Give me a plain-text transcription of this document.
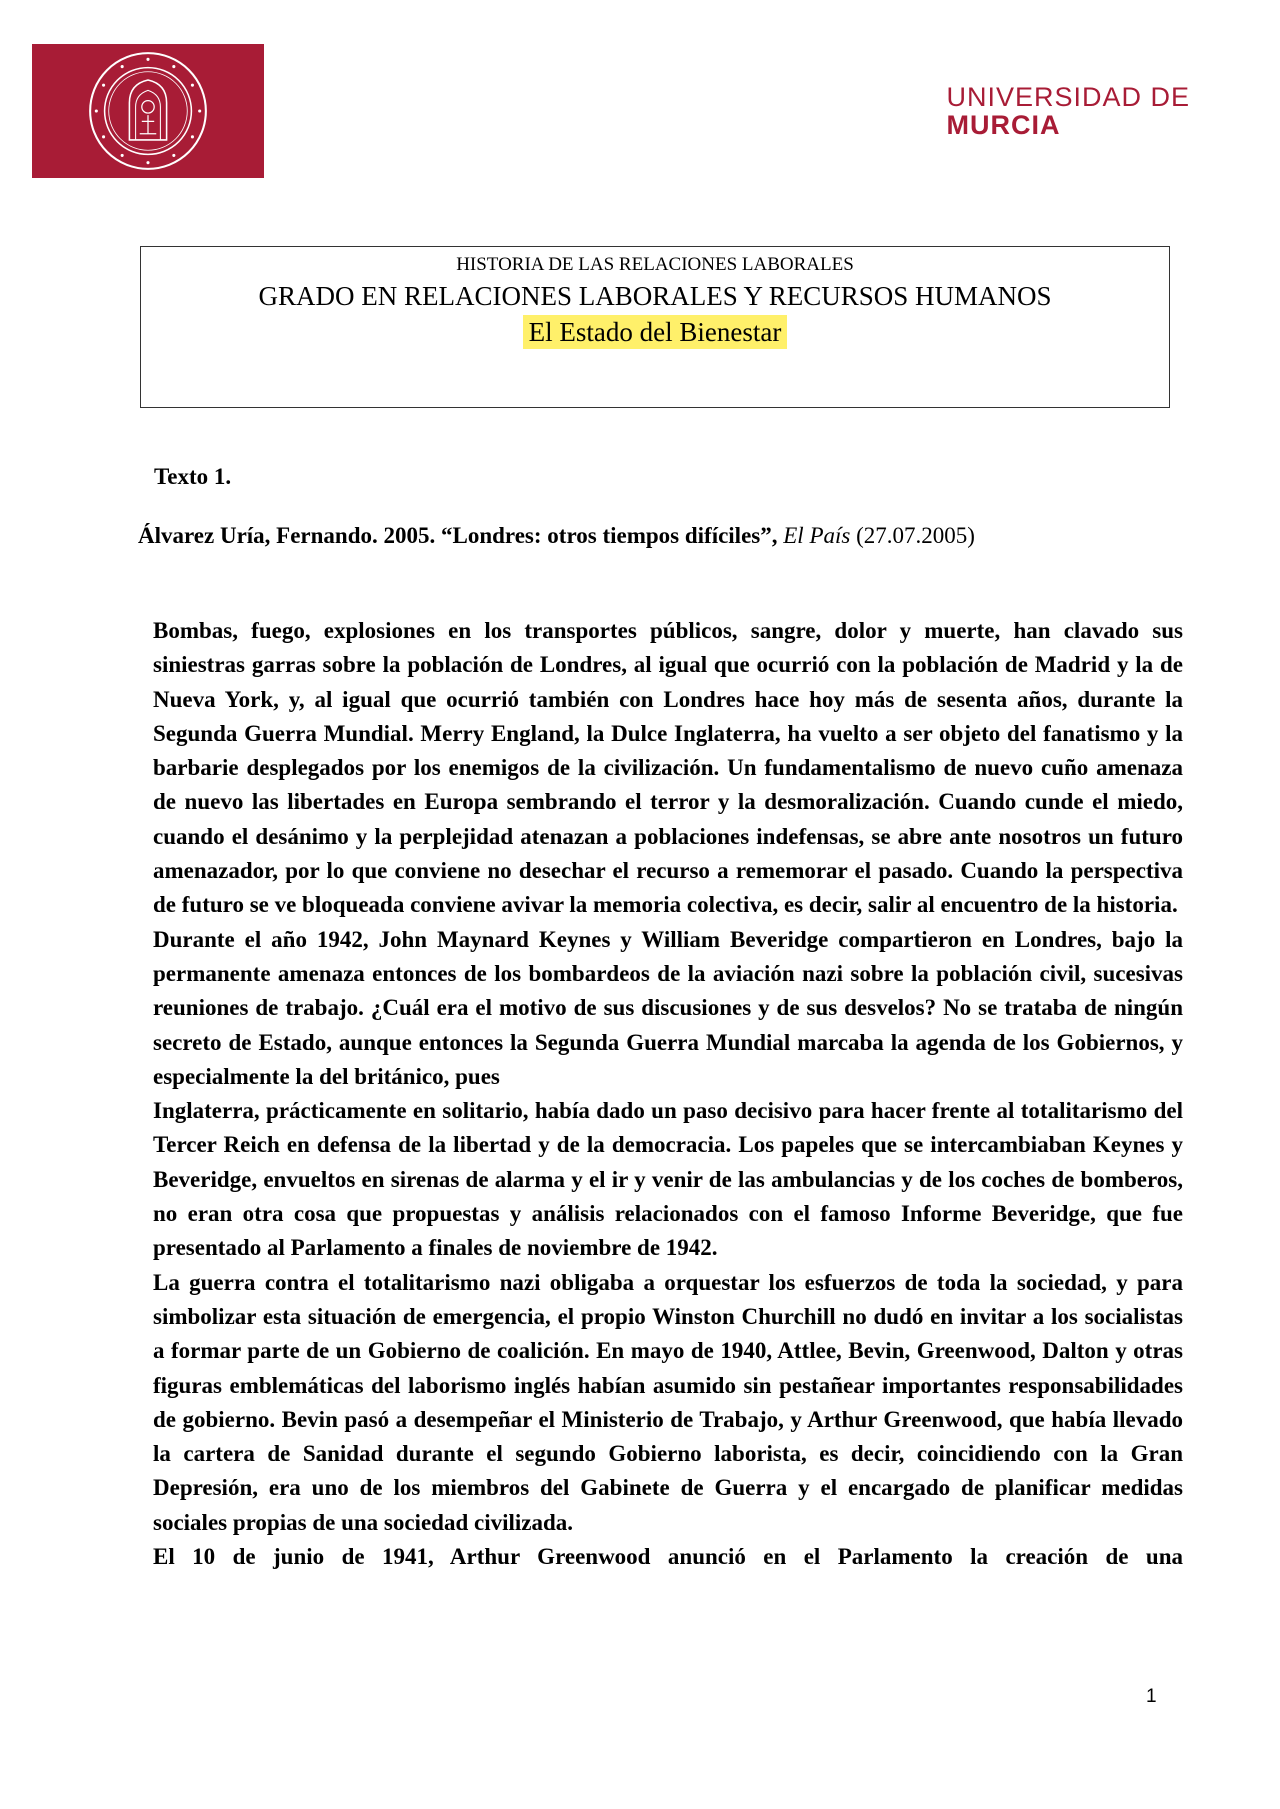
UNIVERSIDAD DE
MURCIA
HISTORIA DE LAS RELACIONES LABORALES
GRADO EN RELACIONES LABORALES Y RECURSOS HUMANOS
El Estado del Bienestar
Texto 1.
Álvarez Uría, Fernando. 2005. “Londres: otros tiempos difíciles”, El País (27.07.2005)

Bombas, fuego, explosiones en los transportes públicos, sangre, dolor y muerte, han clavado sus siniestras garras sobre la población de Londres, al igual que ocurrió con la población de Madrid y la de Nueva York, y, al igual que ocurrió también con Londres hace hoy más de sesenta años, durante la Segunda Guerra Mundial. Merry England, la Dulce Inglaterra, ha vuelto a ser objeto del fanatismo y la barbarie desplegados por los enemigos de la civilización. Un fundamentalismo de nuevo cuño amenaza de nuevo las libertades en Europa sembrando el terror y la desmoralización. Cuando cunde el miedo, cuando el desánimo y la perplejidad atenazan a poblaciones indefensas, se abre ante nosotros un futuro amenazador, por lo que conviene no desechar el recurso a rememorar el pasado. Cuando la perspectiva de futuro se ve bloqueada conviene avivar la memoria colectiva, es decir, salir al encuentro de la historia.

Durante el año 1942, John Maynard Keynes y William Beveridge compartieron en Londres, bajo la permanente amenaza entonces de los bombardeos de la aviación nazi sobre la población civil, sucesivas reuniones de trabajo. ¿Cuál era el motivo de sus discusiones y de sus desvelos? No se trataba de ningún secreto de Estado, aunque entonces la Segunda Guerra Mundial marcaba la agenda de los Gobiernos, y especialmente la del británico, pues

Inglaterra, prácticamente en solitario, había dado un paso decisivo para hacer frente al totalitarismo del Tercer Reich en defensa de la libertad y de la democracia. Los papeles que se intercambiaban Keynes y Beveridge, envueltos en sirenas de alarma y el ir y venir de las ambulancias y de los coches de bomberos, no eran otra cosa que propuestas y análisis relacionados con el famoso Informe Beveridge, que fue presentado al Parlamento a finales de noviembre de 1942.

La guerra contra el totalitarismo nazi obligaba a orquestar los esfuerzos de toda la sociedad, y para simbolizar esta situación de emergencia, el propio Winston Churchill no dudó en invitar a los socialistas a formar parte de un Gobierno de coalición. En mayo de 1940, Attlee, Bevin, Greenwood, Dalton y otras figuras emblemáticas del laborismo inglés habían asumido sin pestañear importantes responsabilidades de gobierno. Bevin pasó a desempeñar el Ministerio de Trabajo, y Arthur Greenwood, que había llevado la cartera de Sanidad durante el segundo Gobierno laborista, es decir, coincidiendo con la Gran Depresión, era uno de los miembros del Gabinete de Guerra y el encargado de planificar medidas sociales propias de una sociedad civilizada.

El 10 de junio de 1941, Arthur Greenwood anunció en el Parlamento la creación de una

1
